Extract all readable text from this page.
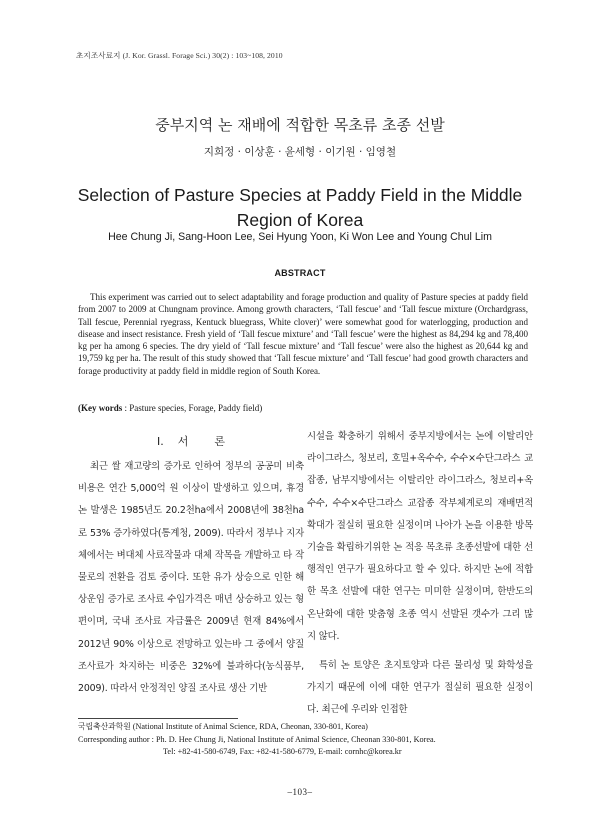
초지조사료지 (J. Kor. Grassl. Forage Sci.) 30(2) : 103~108, 2010
중부지역 논 재배에 적합한 목초류 초종 선발
지희정 · 이상훈 · 윤세형 · 이기원 · 임영철
Selection of Pasture Species at Paddy Field in the Middle
Region of Korea
Hee Chung Ji, Sang-Hoon Lee, Sei Hyung Yoon, Ki Won Lee and Young Chul Lim
ABSTRACT

This experiment was carried out to select adaptability and forage production and quality of Pasture species at paddy field from 2007 to 2009 at Chungnam province. Among growth characters, ‘Tall fescue’ and ‘Tall fescue mixture (Orchardgrass, Tall fescue, Perennial ryegrass, Kentuck bluegrass, White clover)’ were somewhat good for waterlogging, production and disease and insect resistance. Fresh yield of ‘Tall fescue mixture’ and ‘Tall fescue’ were the highest as 84,294 kg and 78,400 kg per ha among 6 species. The dry yield of ‘Tall fescue mixture’ and ‘Tall fescue’ were also the highest as 20,644 kg and 19,759 kg per ha. The result of this study showed that ‘Tall fescue mixture’ and ‘Tall fescue’ had good growth characters and forage productivity at paddy field in middle region of South Korea.

(Key words : Pasture species, Forage, Paddy field)
Ⅰ. 서 론

최근 쌀 재고량의 증가로 인하여 정부의 공공미 비축비용은 연간 5,000억 원 이상이 발생하고 있으며, 휴경논 발생은 1985년도 20.2천ha에서 2008년에 38천ha로 53% 증가하였다(통계청, 2009). 따라서 정부나 지자체에서는 벼대체 사료작물과 대체 작목을 개발하고 타 작물로의 전환을 검토 중이다. 또한 유가 상승으로 인한 해상운임 증가로 조사료 수입가격은 매년 상승하고 있는 형편이며, 국내 조사료 자급률은 2009년 현재 84%에서 2012년 90% 이상으로 전망하고 있는바 그 중에서 양질 조사료가 차지하는 비중은 32%에 불과하다(농식품부, 2009). 따라서 안정적인 양질 조사료 생산 기반

시설을 확충하기 위해서 중부지방에서는 논에 이탈리안 라이그라스, 청보리, 호밀+옥수수, 수수×수단그라스 교잡종, 남부지방에서는 이탈리안 라이그라스, 청보리+옥수수, 수수×수단그라스 교잡종 작부체계로의 재배면적 확대가 절실히 필요한 실정이며 나아가 논을 이용한 방목기술을 확립하기위한 논 적응 목초류 초종선발에 대한 선행적인 연구가 필요하다고 할 수 있다. 하지만 논에 적합한 목초 선발에 대한 연구는 미미한 실정이며, 한반도의 온난화에 대한 맞춤형 초종 역시 선발된 갯수가 그리 많지 않다.

특히 논 토양은 초지토양과 다른 물리성 및 화학성을 가지기 때문에 이에 대한 연구가 절실히 필요한 실정이다. 최근에 우리와 인접한

국립축산과학원 (National Institute of Animal Science, RDA, Cheonan, 330-801, Korea)
Corresponding author : Ph. D. Hee Chung Ji, National Institute of Animal Science, Cheonan 330-801, Korea.
Tel: +82-41-580-6749, Fax: +82-41-580-6779, E-mail: cornhc@korea.kr
–103–
